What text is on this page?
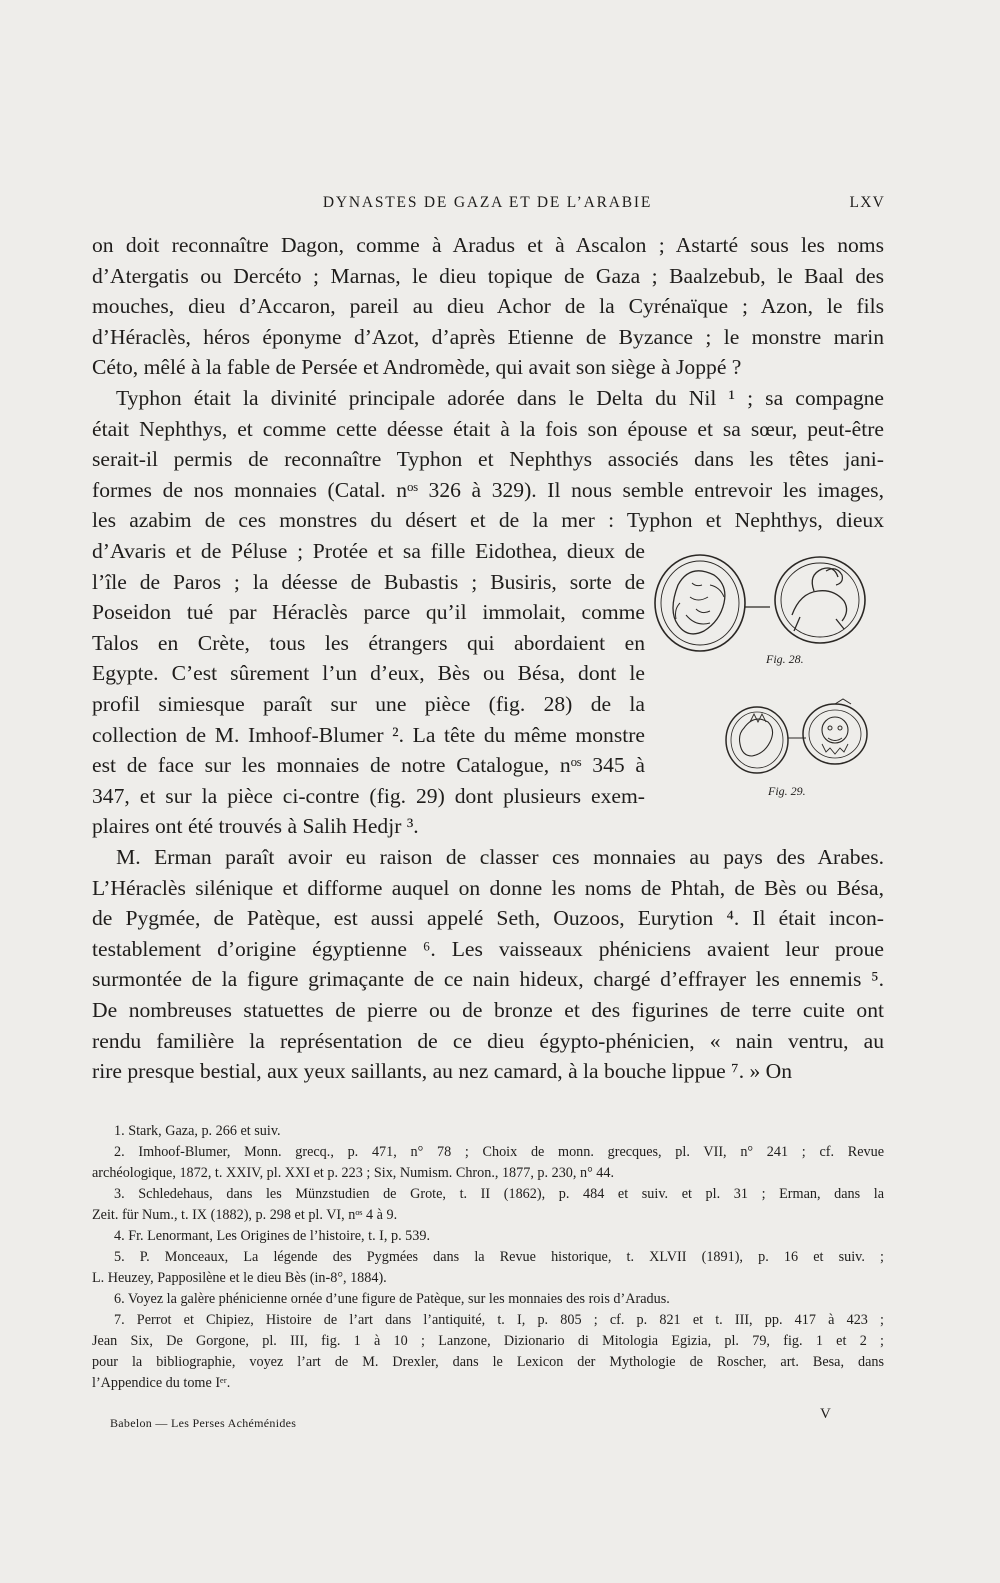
DYNASTES DE GAZA ET DE L’ARABIE	LXV
on doit reconnaître Dagon, comme à Aradus et à Ascalon ; Astarté sous les noms
d’Atergatis ou Dercéto ; Marnas, le dieu topique de Gaza ; Baalzebub, le Baal des
mouches, dieu d’Accaron, pareil au dieu Achor de la Cyrénaïque ; Azon, le fils
d’Héraclès, héros éponyme d’Azot, d’après Etienne de Byzance ; le monstre marin
Céto, mêlé à la fable de Persée et Andromède, qui avait son siège à Joppé ?
Typhon était la divinité principale adorée dans le Delta du Nil ¹ ; sa compagne
était Nephthys, et comme cette déesse était à la fois son épouse et sa sœur, peut-être
serait-il permis de reconnaître Typhon et Nephthys associés dans les têtes jani-
formes de nos monnaies (Catal. nᵒˢ 326 à 329). Il nous semble entrevoir les images,
les azabim de ces monstres du désert et de la mer : Typhon et Nephthys, dieux
d’Avaris et de Péluse ; Protée et sa fille Eidothea, dieux de
l’île de Paros ; la déesse de Bubastis ; Busiris, sorte de
Poseidon tué par Héraclès parce qu’il immolait, comme
Talos en Crète, tous les étrangers qui abordaient en
Egypte. C’est sûrement l’un d’eux, Bès ou Bésa, dont le
profil simiesque paraît sur une pièce (fig. 28) de la
collection de M. Imhoof-Blumer ². La tête du même monstre
est de face sur les monnaies de notre Catalogue, nᵒˢ 345 à
347, et sur la pièce ci-contre (fig. 29) dont plusieurs exem-
plaires ont été trouvés à Salih Hedjr ³.
M. Erman paraît avoir eu raison de classer ces monnaies au pays des Arabes.
L’Héraclès silénique et difforme auquel on donne les noms de Phtah, de Bès ou Bésa,
de Pygmée, de Patèque, est aussi appelé Seth, Ouzoos, Eurytion ⁴. Il était incon-
testablement d’origine égyptienne ⁶. Les vaisseaux phéniciens avaient leur proue
surmontée de la figure grimaçante de ce nain hideux, chargé d’effrayer les ennemis ⁵.
De nombreuses statuettes de pierre ou de bronze et des figurines de terre cuite ont
rendu familière la représentation de ce dieu égypto-phénicien, « nain ventru, au
rire presque bestial, aux yeux saillants, au nez camard, à la bouche lippue ⁷. » On
Fig. 28.
Fig. 29.
1. Stark, Gaza, p. 266 et suiv.
2. Imhoof-Blumer, Monn. grecq., p. 471, n° 78 ; Choix de monn. grecques, pl. VII, n° 241 ; cf. Revue
archéologique, 1872, t. XXIV, pl. XXI et p. 223 ; Six, Numism. Chron., 1877, p. 230, n° 44.
3. Schledehaus, dans les Münzstudien de Grote, t. II (1862), p. 484 et suiv. et pl. 31 ; Erman, dans la
Zeit. für Num., t. IX (1882), p. 298 et pl. VI, nᵒˢ 4 à 9.
4. Fr. Lenormant, Les Origines de l’histoire, t. I, p. 539.
5. P. Monceaux, La légende des Pygmées dans la Revue historique, t. XLVII (1891), p. 16 et suiv. ;
L. Heuzey, Papposilène et le dieu Bès (in-8°, 1884).
6. Voyez la galère phénicienne ornée d’une figure de Patèque, sur les monnaies des rois d’Aradus.
7. Perrot et Chipiez, Histoire de l’art dans l’antiquité, t. I, p. 805 ; cf. p. 821 et t. III, pp. 417 à 423 ;
Jean Six, De Gorgone, pl. III, fig. 1 à 10 ; Lanzone, Dizionario di Mitologia Egizia, pl. 79, fig. 1 et 2 ;
pour la bibliographie, voyez l’art de M. Drexler, dans le Lexicon der Mythologie de Roscher, art. Besa, dans
l’Appendice du tome Iᵉʳ.
Babelon — Les Perses Achéménides
V
